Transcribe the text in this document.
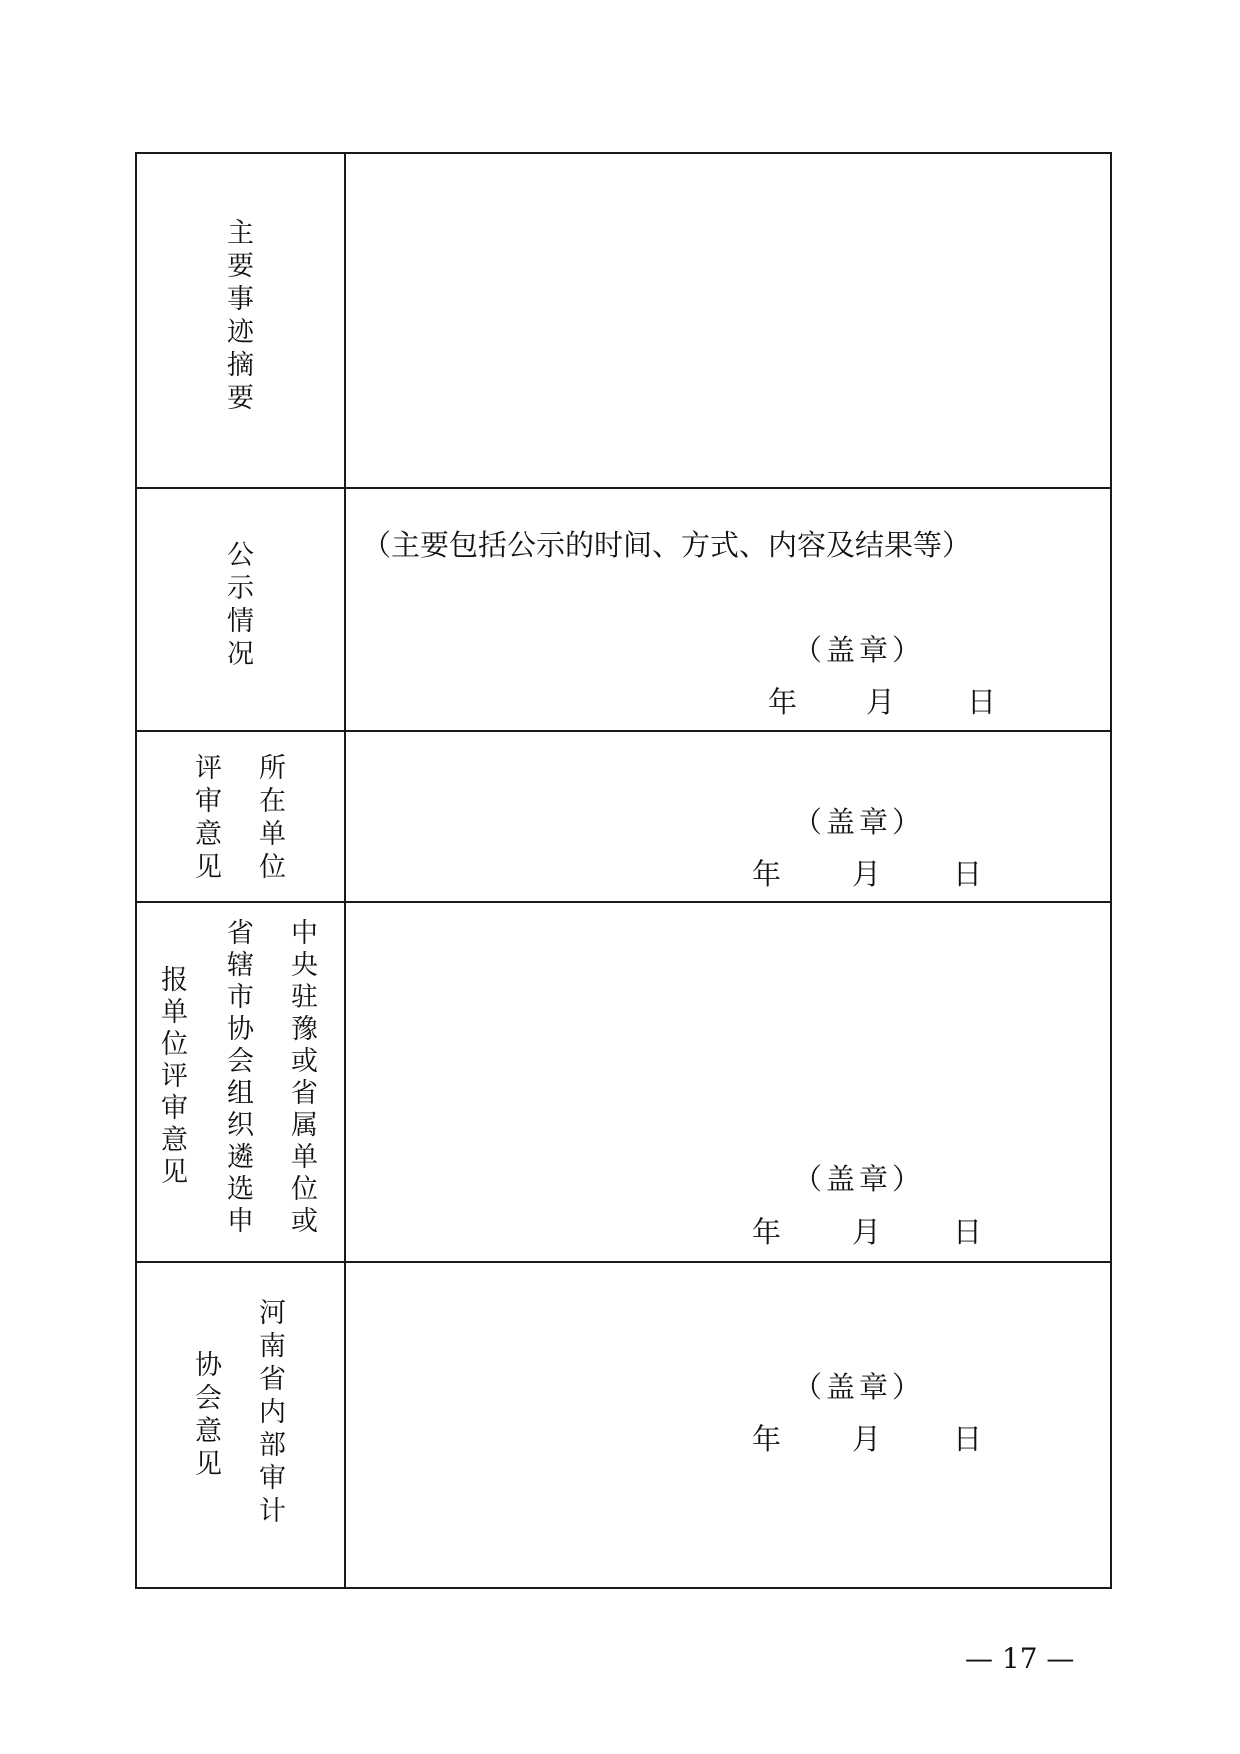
主要事迹摘要
公示情况	（主要包括公示的时间、方式、内容及结果等）
（盖章）
年 月 日
所在单位
评审意见	（盖章）
年 月 日
中央驻豫或省属单位或
省辖市协会组织遴选申
报单位评审意见	（盖章）
年 月 日
河南省内部审计
协会意见	（盖章）
年 月 日
— 17 —
